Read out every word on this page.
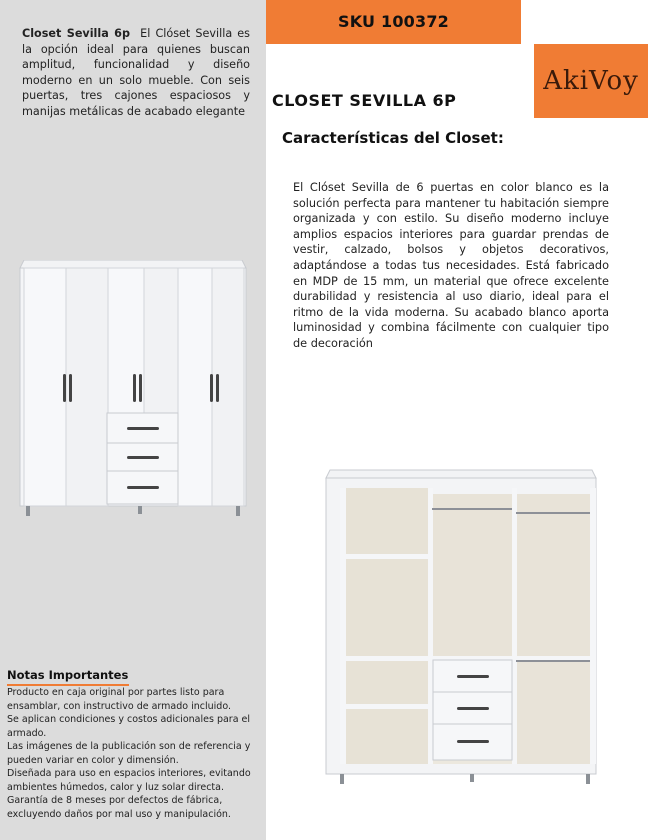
Closet Sevilla 6p El Clóset Sevilla es la opción ideal para quienes buscan amplitud, funcionalidad y diseño moderno en un solo mueble. Con seis puertas, tres cajones espaciosos y manijas metálicas de acabado elegante
Notas Importantes
Producto en caja original por partes listo para ensamblar, con instructivo de armado incluido.
Se aplican condiciones y costos adicionales para el armado.
Las imágenes de la publicación son de referencia y pueden variar en color y dimensión.
Diseñada para uso en espacios interiores, evitando ambientes húmedos, calor y luz solar directa.
Garantía de 8 meses por defectos de fábrica, excluyendo daños por mal uso y manipulación.
SKU 100372
AkiVoy
CLOSET SEVILLA 6P
Características del Closet:
El Clóset Sevilla de 6 puertas en color blanco es la solución perfecta para mantener tu habitación siempre organizada y con estilo. Su diseño moderno incluye amplios espacios interiores para guardar prendas de vestir, calzado, bolsos y objetos decorativos, adaptándose a todas tus necesidades. Está fabricado en MDP de 15 mm, un material que ofrece excelente durabilidad y resistencia al uso diario, ideal para el ritmo de la vida moderna. Su acabado blanco aporta luminosidad y combina fácilmente con cualquier tipo de decoración
